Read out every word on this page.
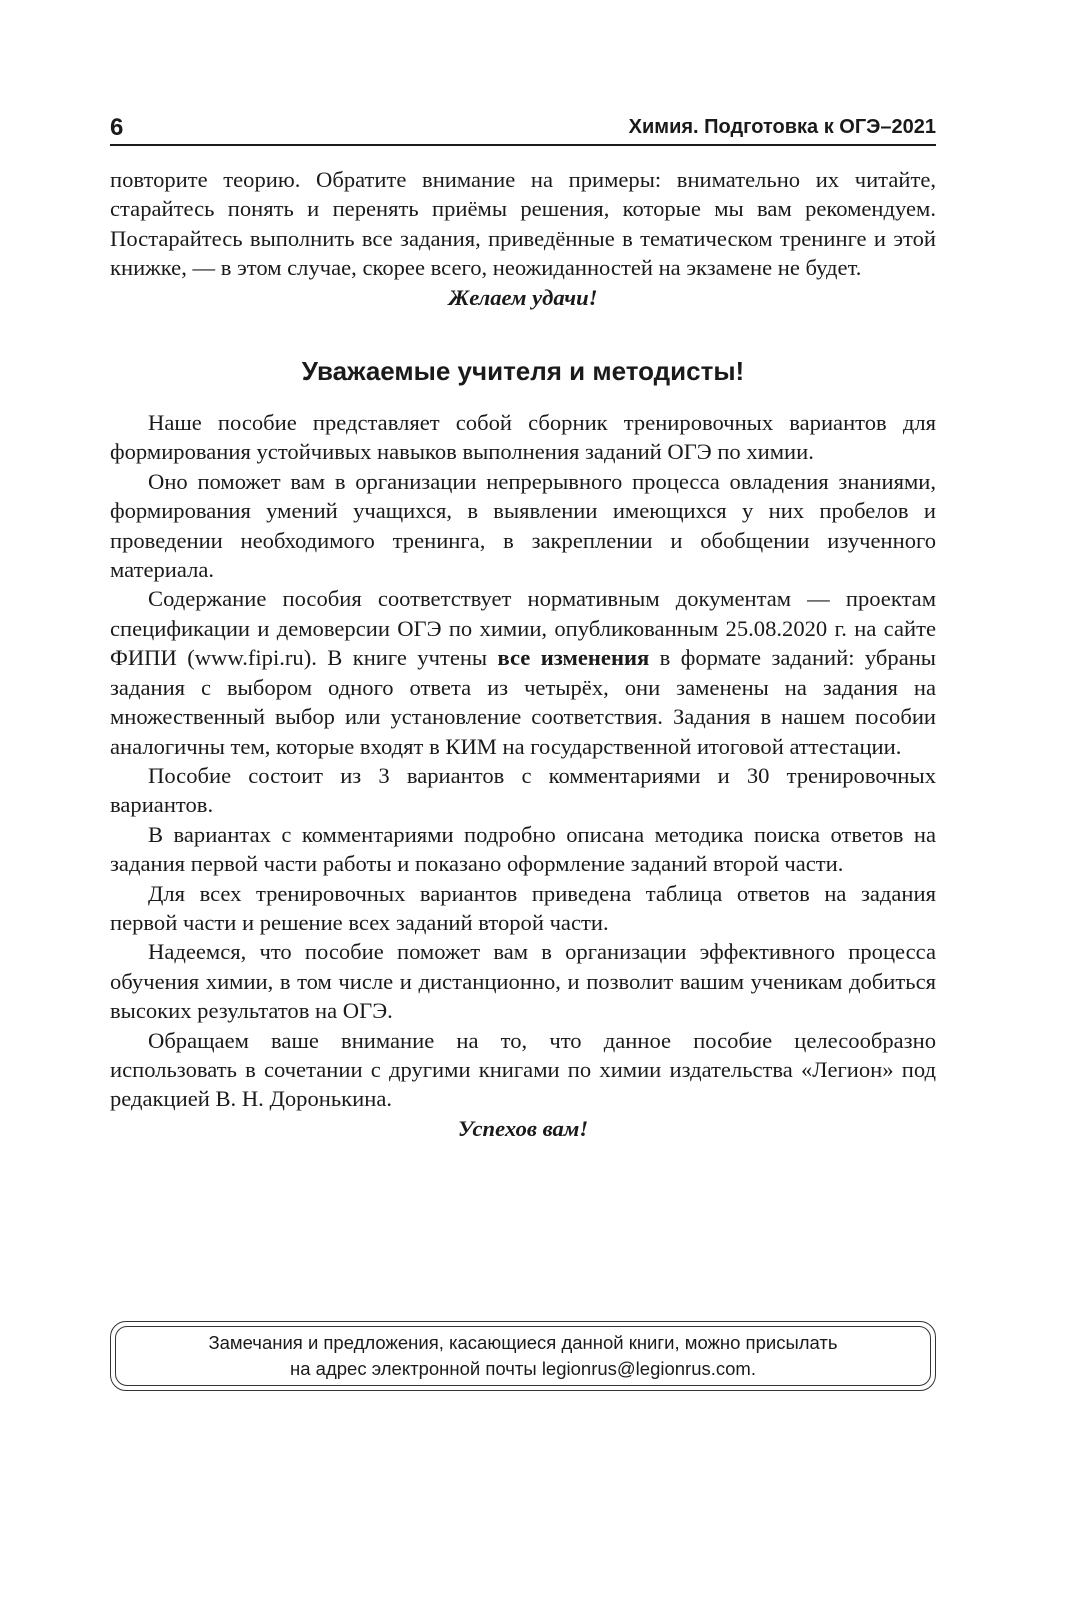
6	Химия. Подготовка к ОГЭ–2021

повторите теорию. Обратите внимание на примеры: внимательно их читайте, старайтесь понять и перенять приёмы решения, которые мы вам рекомендуем. Постарайтесь выполнить все задания, приведённые в тематическом тренинге и этой книжке, — в этом случае, скорее всего, неожиданностей на экзамене не будет.

Желаем удачи!

Уважаемые учителя и методисты!

Наше пособие представляет собой сборник тренировочных вариантов для формирования устойчивых навыков выполнения заданий ОГЭ по химии.

Оно поможет вам в организации непрерывного процесса овладения знаниями, формирования умений учащихся, в выявлении имеющихся у них пробелов и проведении необходимого тренинга, в закреплении и обобщении изученного материала.

Содержание пособия соответствует нормативным документам — проектам спецификации и демоверсии ОГЭ по химии, опубликованным 25.08.2020 г. на сайте ФИПИ (www.fipi.ru). В книге учтены все изменения в формате заданий: убраны задания с выбором одного ответа из четырёх, они заменены на задания на множественный выбор или установление соответствия. Задания в нашем пособии аналогичны тем, которые входят в КИМ на государственной итоговой аттестации.

Пособие состоит из 3 вариантов с комментариями и 30 тренировочных вариантов.

В вариантах с комментариями подробно описана методика поиска ответов на задания первой части работы и показано оформление заданий второй части.

Для всех тренировочных вариантов приведена таблица ответов на задания первой части и решение всех заданий второй части.

Надеемся, что пособие поможет вам в организации эффективного процесса обучения химии, в том числе и дистанционно, и позволит вашим ученикам добиться высоких результатов на ОГЭ.

Обращаем ваше внимание на то, что данное пособие целесообразно использовать в сочетании с другими книгами по химии издательства «Легион» под редакцией В. Н. Доронькина.

Успехов вам!

Замечания и предложения, касающиеся данной книги, можно присылать
на адрес электронной почты legionrus@legionrus.com.
